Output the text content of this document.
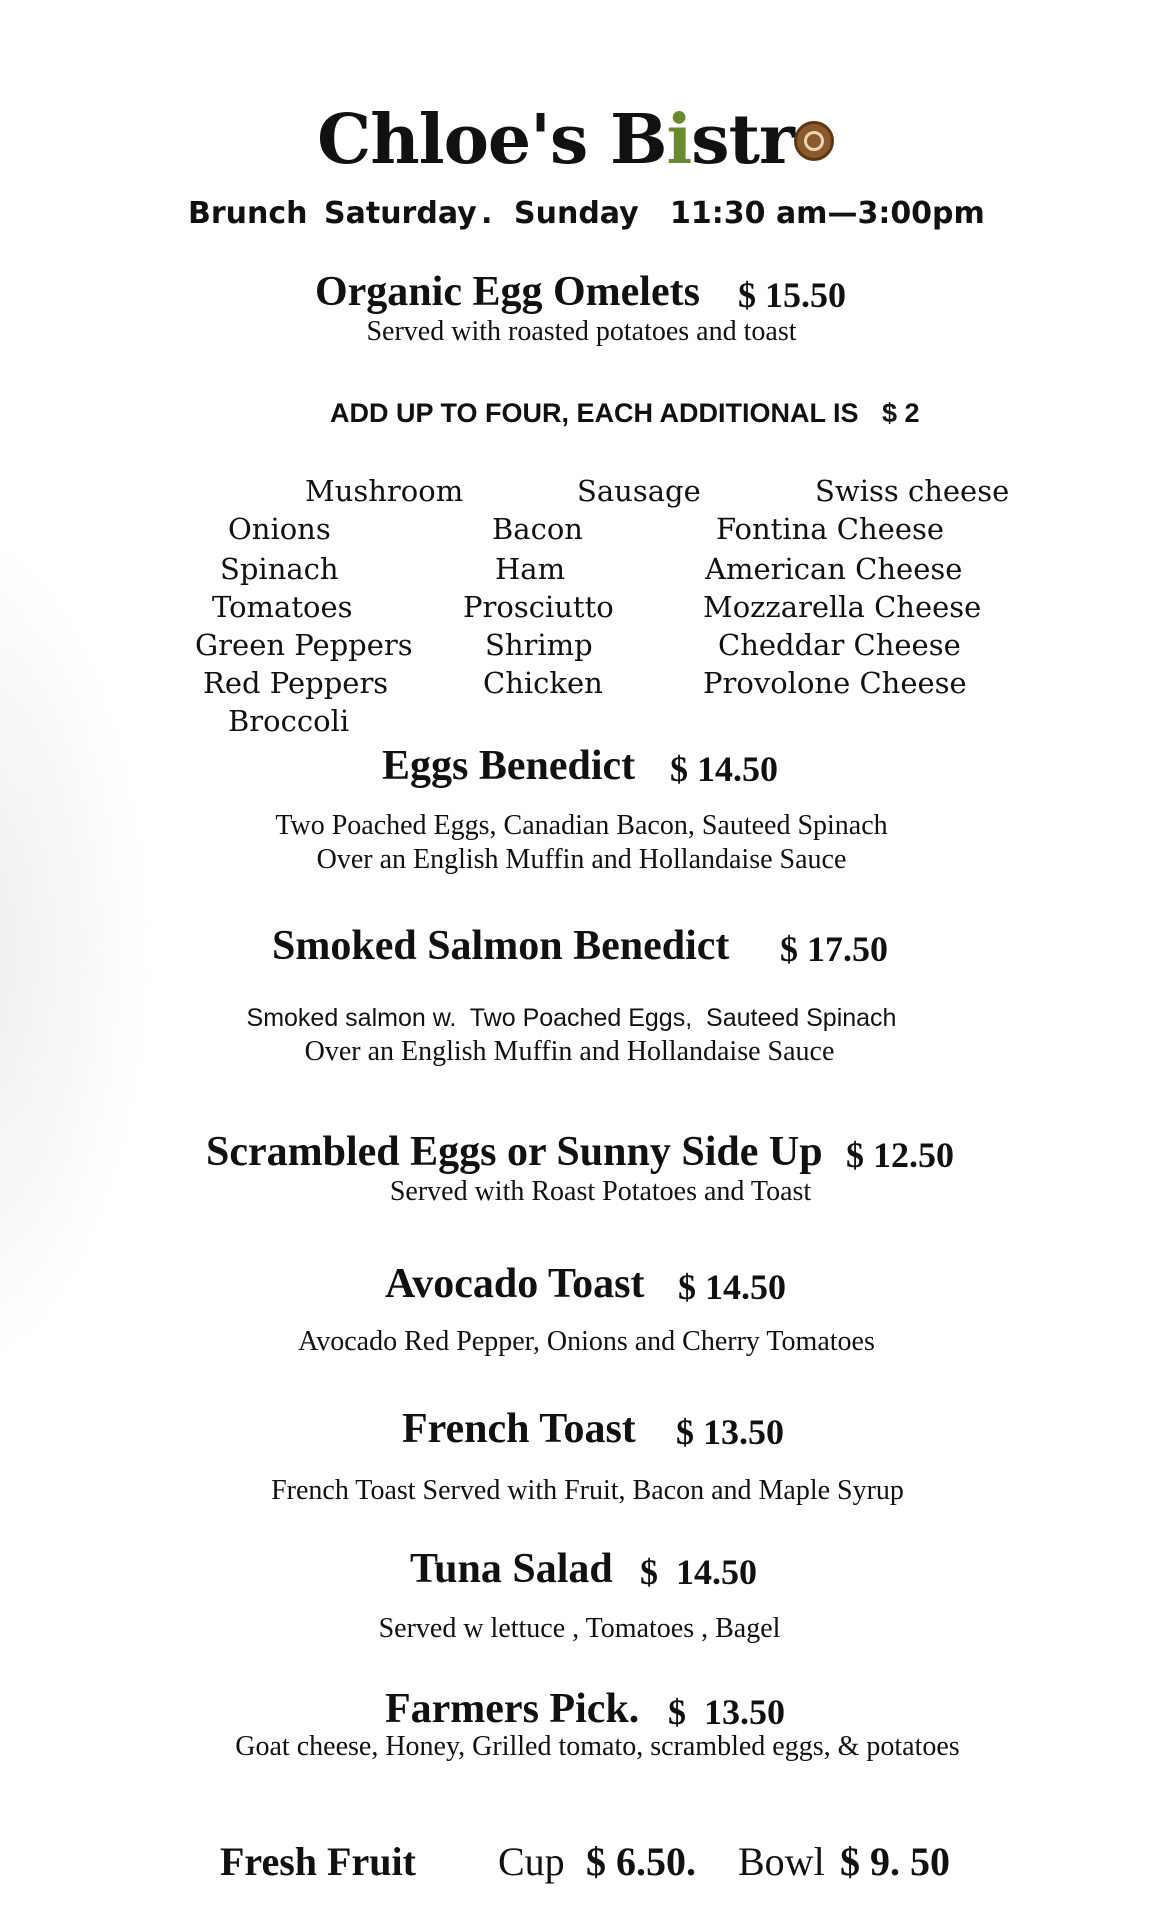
Chloe's Bistr
Brunch Saturday . Sunday 11:30 am—3:00pm
Organic Egg Omelets $ 15.50
Served with roasted potatoes and toast
ADD UP TO FOUR, EACH ADDITIONAL IS $ 2
Mushroom
Onions
Spinach
Tomatoes
Green Peppers
Red Peppers
Broccoli
Sausage
Bacon
Ham
Prosciutto
Shrimp
Chicken
Swiss cheese
Fontina Cheese
American Cheese
Mozzarella Cheese
Cheddar Cheese
Provolone Cheese
Eggs Benedict $ 14.50
Two Poached Eggs, Canadian Bacon, Sauteed Spinach
Over an English Muffin and Hollandaise Sauce
Smoked Salmon Benedict $ 17.50
Smoked salmon w.  Two Poached Eggs,  Sauteed Spinach
Over an English Muffin and Hollandaise Sauce
Scrambled Eggs or Sunny Side Up $ 12.50
Served with Roast Potatoes and Toast
Avocado Toast $ 14.50
Avocado Red Pepper, Onions and Cherry Tomatoes
French Toast $ 13.50
French Toast Served with Fruit, Bacon and Maple Syrup
Tuna Salad $  14.50
Served w lettuce , Tomatoes , Bagel
Farmers Pick. $  13.50
Goat cheese, Honey, Grilled tomato, scrambled eggs, & potatoes
Fresh Fruit Cup $ 6.50. Bowl $ 9. 50
